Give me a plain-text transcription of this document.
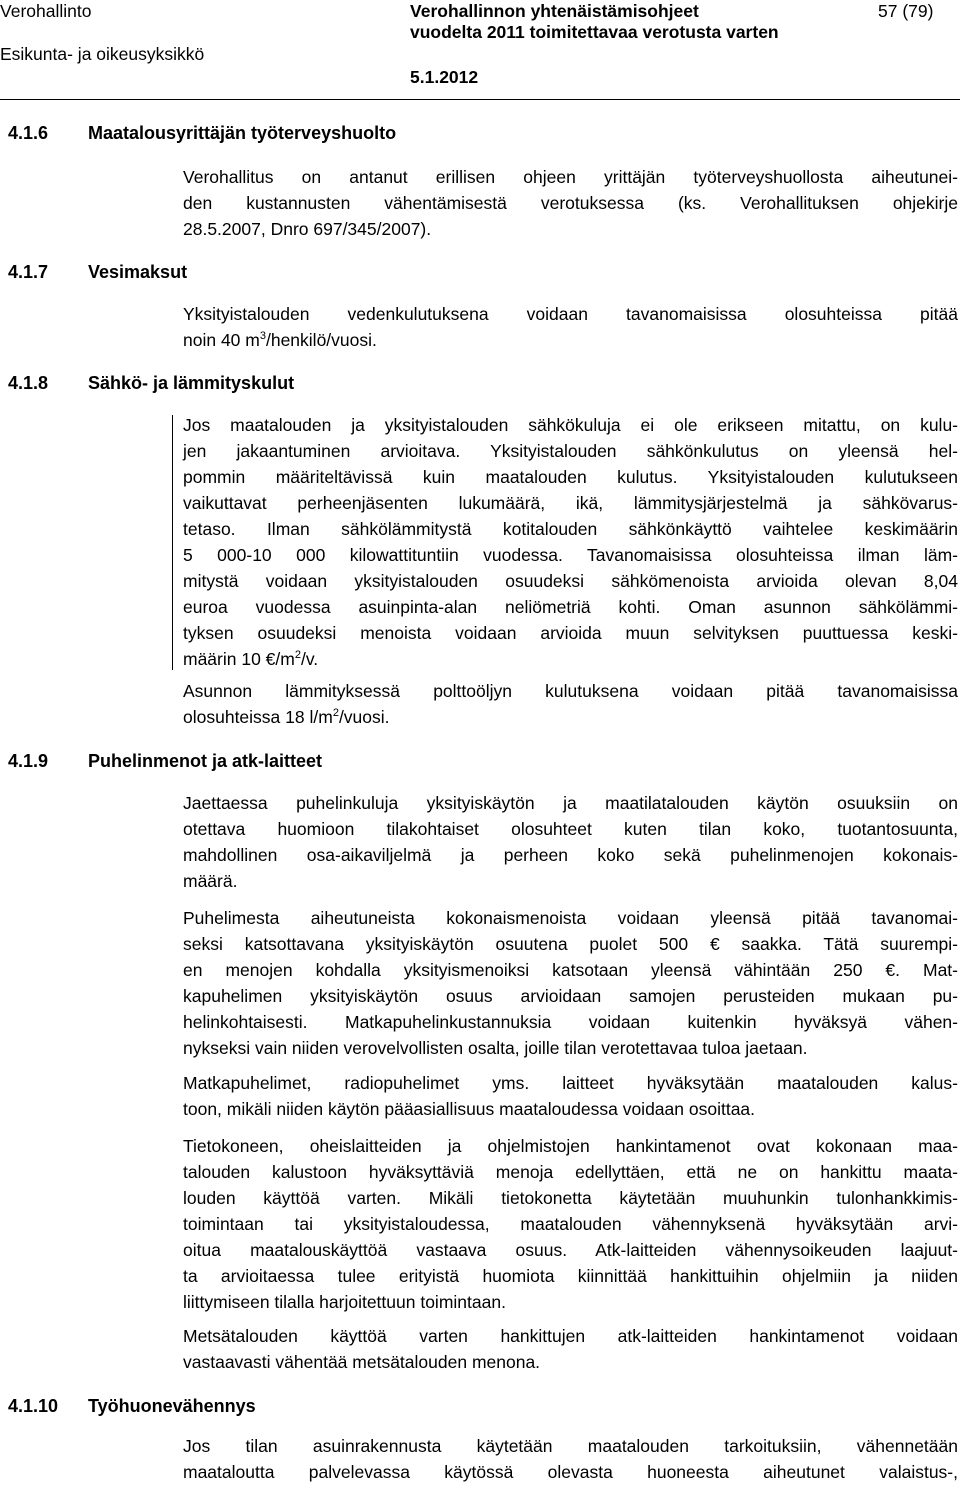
Verohallinto
Esikunta- ja oikeusyksikkö
Verohallinnon yhtenäistämisohjeet
vuodelta 2011 toimitettavaa verotusta varten
5.1.2012
57 (79)
4.1.6 Maatalousyrittäjän työterveyshuolto
4.1.7 Vesimaksut
4.1.8 Sähkö- ja lämmityskulut
4.1.9 Puhelinmenot ja atk-laitteet
4.1.10 Työhuonevähennys
Verohallitus on antanut erillisen ohjeen yrittäjän työterveyshuollosta aiheutunei-
den kustannusten vähentämisestä verotuksessa (ks. Verohallituksen ohjekirje
28.5.2007, Dnro 697/345/2007).
Yksityistalouden vedenkulutuksena voidaan tavanomaisissa olosuhteissa pitää
noin 40 $m^3/henkilö$/vuosi.
Jos maatalouden ja yksityistalouden sähkökuluja ei ole erikseen mitattu, on kulu-
jen jakaantuminen arvioitava. Yksityistalouden sähkönkulutus on yleensä hel-
pommin määriteltävissä kuin maatalouden kulutus. Yksityistalouden kulutukseen
vaikuttavat perheenjäsenten lukumäärä, ikä, lämmitysjärjestelmä ja sähkövarus-
tetaso. Ilman sähkölämmitystä kotitalouden sähkönkäyttö vaihtelee keskimäärin
5 000-10 000 kilowattituntiin vuodessa. Tavanomaisissa olosuhteissa ilman läm-
mitystä voidaan yksityistalouden osuudeksi sähkömenoista arvioida olevan 8,04
euroa vuodessa asuinpinta-alan neliömetriä kohti. Oman asunnon sähkölämmi-
tyksen osuudeksi menoista voidaan arvioida muun selvityksen puuttuessa keski-
määrin 10 $€/m^2/v$.
Asunnon lämmityksessä polttoöljyn kulutuksena voidaan pitää tavanomaisissa
olosuhteissa 18 $l/m^2$/vuosi.
Jaettaessa puhelinkuluja yksityiskäytön ja maatilatalouden käytön osuuksiin on
otettava huomioon tilakohtaiset olosuhteet kuten tilan koko, tuotantosuunta,
mahdollinen osa-aikaviljelmä ja perheen koko sekä puhelinmenojen kokonais-
määrä.
Puhelimesta aiheutuneista kokonaismenoista voidaan yleensä pitää tavanomai-
seksi katsottavana yksityiskäytön osuutena puolet 500 € saakka. Tätä suurempi-
en menojen kohdalla yksityismenoiksi katsotaan yleensä vähintään 250 €. Mat-
kapuhelimen yksityiskäytön osuus arvioidaan samojen perusteiden mukaan pu-
helinkohtaisesti. Matkapuhelinkustannuksia voidaan kuitenkin hyväksyä vähen-
nykseksi vain niiden verovelvollisten osalta, joille tilan verotettavaa tuloa jaetaan.
Matkapuhelimet, radiopuhelimet yms. laitteet hyväksytään maatalouden kalus-
toon, mikäli niiden käytön pääasiallisuus maataloudessa voidaan osoittaa.
Tietokoneen, oheislaitteiden ja ohjelmistojen hankintamenot ovat kokonaan maa-
talouden kalustoon hyväksyttäviä menoja edellyttäen, että ne on hankittu maata-
louden käyttöä varten. Mikäli tietokonetta käytetään muuhunkin tulonhankkimis-
toimintaan tai yksityistaloudessa, maatalouden vähennyksenä hyväksytään arvi-
oitua maatalouskäyttöä vastaava osuus. Atk-laitteiden vähennysoikeuden laajuut-
ta arvioitaessa tulee erityistä huomiota kiinnittää hankittuihin ohjelmiin ja niiden
liittymiseen tilalla harjoitettuun toimintaan.
Metsätalouden käyttöä varten hankittujen atk-laitteiden hankintamenot voidaan
vastaavasti vähentää metsätalouden menona.
Jos tilan asuinrakennusta käytetään maatalouden tarkoituksiin, vähennetään
maataloutta palvelevassa käytössä olevasta huoneesta aiheutunet valaistus-,
